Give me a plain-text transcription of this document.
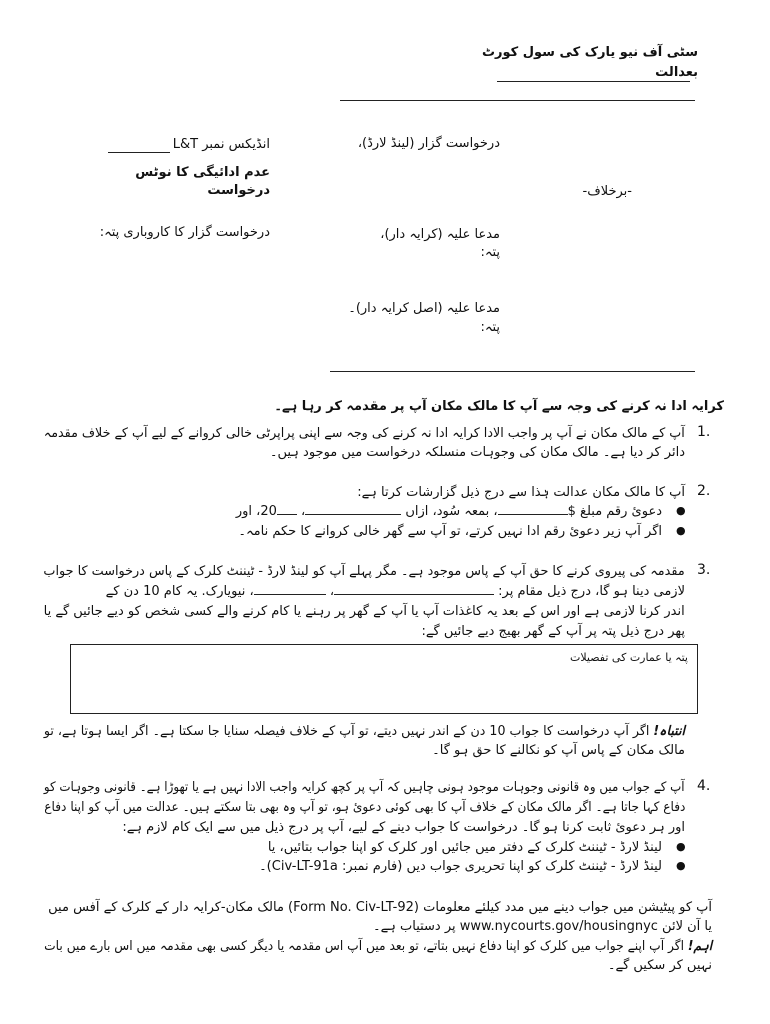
سٹی آف نیو یارک کی سول کورٹ
بعدالت
درخواست گزار (لینڈ لارڈ)،
-برخلاف-
مدعا علیہ (کرایہ دار)،
پتہ:
مدعا علیہ (اصل کرایہ دار)۔
پتہ:
انڈیکس نمبر L&T
عدم ادائیگی کا نوٹس
درخواست
درخواست گزار کا کاروباری پتہ:
کرایہ ادا نہ کرنے کی وجہ سے آپ کا مالک مکان آپ پر مقدمہ کر رہا ہے۔
1.
آپ کے مالک مکان نے آپ پر واجب الادا کرایہ ادا نہ کرنے کی وجہ سے اپنی پراپرٹی خالی کروانے کے لیے آپ کے خلاف مقدمہ
دائر کر دیا ہے۔ مالک مکان کی وجوہات منسلکہ درخواست میں موجود ہیں۔
2.
آپ کا مالک مکان عدالت ہٰذا سے درج ذیل گزارشات کرتا ہے:
●
دعوئ رقم مبلغ $، بمعہ سُود، ازاں ، 20، اور
●
اگر آپ زیر دعوئ رقم ادا نہیں کرتے، تو آپ سے گھر خالی کروانے کا حکم نامہ۔
3.
مقدمہ کی پیروی کرنے کا حق آپ کے پاس موجود ہے۔ مگر پہلے آپ کو لینڈ لارڈ - ٹیننٹ کلرک کے پاس درخواست کا جواب
لازمی دینا ہو گا، درج ذیل مقام پر: ، ، نیویارک. یہ کام 10 دن کے
اندر کرنا لازمی ہے اور اس کے بعد یہ کاغذات آپ یا آپ کے گھر پر رہنے یا کام کرنے والے کسی شخص کو دیے جائیں گے یا
پھر درج ذیل پتہ پر آپ کے گھر بھیج دیے جائیں گے:
پتہ یا عمارت کی تفصیلات
انتباہ! اگر آپ درخواست کا جواب 10 دن کے اندر نہیں دیتے، تو آپ کے خلاف فیصلہ سنایا جا سکتا ہے۔ اگر ایسا ہوتا ہے، تو
مالک مکان کے پاس آپ کو نکالنے کا حق ہو گا۔
4.
آپ کے جواب میں وہ قانونی وجوہات موجود ہونی چاہیں کہ آپ پر کچھ کرایہ واجب الادا نہیں ہے یا تھوڑا ہے۔ قانونی وجوہات کو
دفاع کہا جاتا ہے۔ اگر مالک مکان کے خلاف آپ کا بھی کوئی دعوئ ہو، تو آپ وہ بھی بتا سکتے ہیں۔ عدالت میں آپ کو اپنا دفاع
اور ہر دعوئ ثابت کرنا ہو گا۔ درخواست کا جواب دینے کے لیے، آپ پر درج ذیل میں سے ایک کام لازم ہے:
●
لینڈ لارڈ - ٹیننٹ کلرک کے دفتر میں جائیں اور کلرک کو اپنا جواب بتائیں، یا
●
لینڈ لارڈ - ٹیننٹ کلرک کو اپنا تحریری جواب دیں (فارم نمبر: Civ-LT-91a)۔
آپ کو پیٹیشن میں جواب دینے میں مدد کیلئے معلومات (Form No. Civ-LT-92) مالک مکان-کرایہ دار کے کلرک کے آفس میں
یا آن لائن www.nycourts.gov/housingnyc پر دستیاب ہے۔
اہم! اگر آپ اپنے جواب میں کلرک کو اپنا دفاع نہیں بتاتے، تو بعد میں آپ اس مقدمہ یا دیگر کسی بھی مقدمہ میں اس بارے میں بات
نہیں کر سکیں گے۔
